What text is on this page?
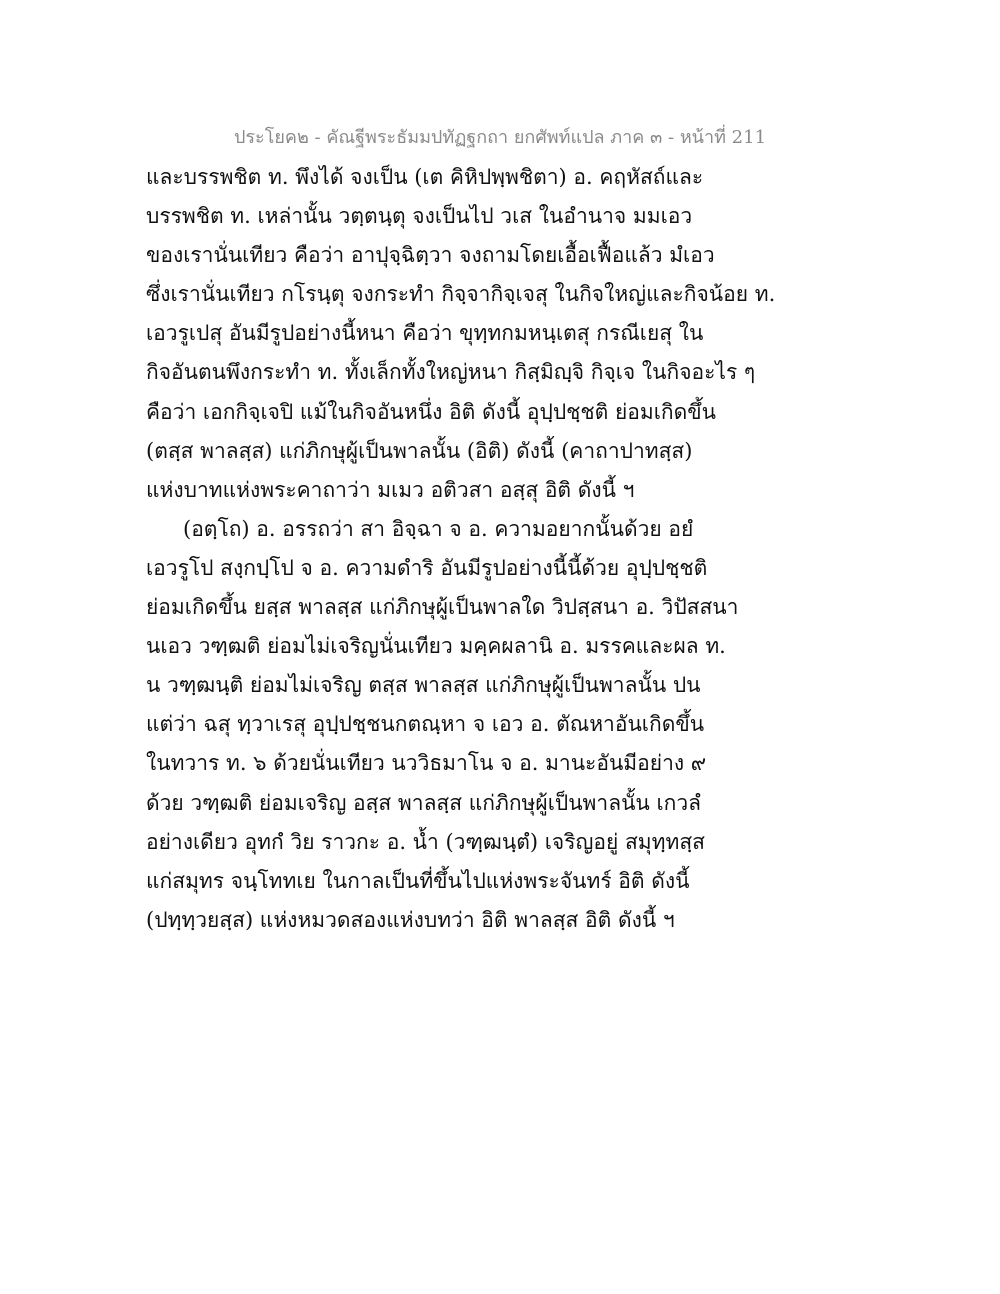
ประโยค๒ - คัณฐีพระธัมมปทัฏฐกถา ยกศัพท์แปล ภาค ๓ - หน้าที่ 211
และบรรพชิต ท. พึงได้ จงเป็น (เต คิหิปพฺพชิตา) อ. คฤหัสถ์และ
บรรพชิต ท. เหล่านั้น วตฺตนฺตุ จงเป็นไป วเส ในอำนาจ มมเอว
ของเรานั่นเทียว คือว่า อาปุจฺฉิตฺวา จงถามโดยเอื้อเฟื้อแล้ว มํเอว
ซึ่งเรานั่นเทียว กโรนฺตุ จงกระทำ กิจฺจากิจฺเจสุ ในกิจใหญ่และกิจน้อย ท.
เอวรูเปสุ อันมีรูปอย่างนี้หนา คือว่า ขุทฺทกมหนฺเตสุ กรณีเยสุ ใน
กิจอันตนพึงกระทำ ท. ทั้งเล็กทั้งใหญ่หนา กิสฺมิญฺจิ กิจฺเจ ในกิจอะไร ๆ
คือว่า เอกกิจฺเจปิ แม้ในกิจอันหนึ่ง อิติ ดังนี้ อุปฺปชฺชติ ย่อมเกิดขึ้น
(ตสฺส พาลสฺส) แก่ภิกษุผู้เป็นพาลนั้น (อิติ) ดังนี้ (คาถาปาทสฺส)
แห่งบาทแห่งพระคาถาว่า มเมว อติวสา อสฺสุ อิติ ดังนี้ ฯ
(อตฺโถ) อ. อรรถว่า สา อิจฺฉา จ อ. ความอยากนั้นด้วย อยํ
เอวรูโป สงฺกปฺโป จ อ. ความดำริ อันมีรูปอย่างนี้นี้ด้วย อุปฺปชฺชติ
ย่อมเกิดขึ้น ยสฺส พาลสฺส แก่ภิกษุผู้เป็นพาลใด วิปสฺสนา อ. วิปัสสนา
นเอว วฑฺฒติ ย่อมไม่เจริญนั่นเทียว มคฺคผลานิ อ. มรรคและผล ท.
น วฑฺฒนฺติ ย่อมไม่เจริญ ตสฺส พาลสฺส แก่ภิกษุผู้เป็นพาลนั้น ปน
แต่ว่า ฉสุ ทฺวาเรสุ อุปฺปชฺชนกตณฺหา จ เอว อ. ตัณหาอันเกิดขึ้น
ในทวาร ท. ๖ ด้วยนั่นเทียว นววิธมาโน จ อ. มานะอันมีอย่าง ๙
ด้วย วฑฺฒติ ย่อมเจริญ อสฺส พาลสฺส แก่ภิกษุผู้เป็นพาลนั้น เกวลํ
อย่างเดียว อุทกํ วิย ราวกะ อ. น้ำ (วฑฺฒนฺตํ) เจริญอยู่ สมุทฺทสฺส
แก่สมุทร จนฺโททเย ในกาลเป็นที่ขึ้นไปแห่งพระจันทร์ อิติ ดังนี้
(ปทฺทฺวยสฺส) แห่งหมวดสองแห่งบทว่า อิติ พาลสฺส อิติ ดังนี้ ฯ
